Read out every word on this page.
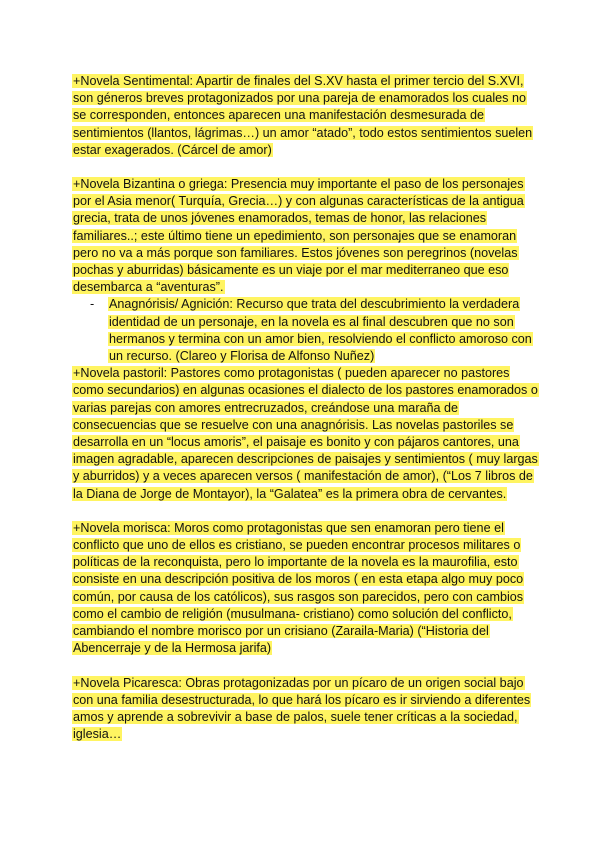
+Novela Sentimental: Apartir de finales del S.XV hasta el primer tercio del S.XVI, son géneros breves protagonizados por una pareja de enamorados los cuales no se corresponden, entonces aparecen una manifestación desmesurada de sentimientos (llantos, lágrimas…) un amor “atado”, todo estos sentimientos suelen estar exagerados. (Cárcel de amor)

+Novela Bizantina o griega: Presencia muy importante el paso de los personajes por el Asia menor( Turquía, Grecia…) y con algunas características de la antigua grecia, trata de unos jóvenes enamorados, temas de honor, las relaciones familiares..; este último tiene un epedimiento, son personajes que se enamoran pero no va a más porque son familiares. Estos jóvenes son peregrinos (novelas pochas y aburridas) básicamente es un viaje por el mar mediterraneo que eso desembarca a “aventuras”.

- Anagnórisis/ Agnición: Recurso que trata del descubrimiento la verdadera identidad de un personaje, en la novela es al final descubren que no son hermanos y termina con un amor bien, resolviendo el conflicto amoroso con un recurso. (Clareo y Florisa de Alfonso Nuñez)

+Novela pastoril: Pastores como protagonistas ( pueden aparecer no pastores como secundarios) en algunas ocasiones el dialecto de los pastores enamorados o varias parejas con amores entrecruzados, creándose una maraña de consecuencias que se resuelve con una anagnórisis. Las novelas pastoriles se desarrolla en un “locus amoris”, el paisaje es bonito y con pájaros cantores, una imagen agradable, aparecen descripciones de paisajes y sentimientos ( muy largas y aburridos) y a veces aparecen versos ( manifestación de amor), (“Los 7 libros de la Diana de Jorge de Montayor), la “Galatea” es la primera obra de cervantes.

+Novela morisca: Moros como protagonistas que sen enamoran pero tiene el conflicto que uno de ellos es cristiano, se pueden encontrar procesos militares o políticas de la reconquista, pero lo importante de la novela es la maurofilia, esto consiste en una descripción positiva de los moros ( en esta etapa algo muy poco común, por causa de los católicos), sus rasgos son parecidos, pero con cambios como el cambio de religión (musulmana- cristiano) como solución del conflicto, cambiando el nombre morisco por un crisiano (Zaraila-Maria) (“Historia del Abencerraje y de la Hermosa jarifa)

+Novela Picaresca: Obras protagonizadas por un pícaro de un origen social bajo con una familia desestructurada, lo que hará los pícaro es ir sirviendo a diferentes amos y aprende a sobrevivir a base de palos, suele tener críticas a la sociedad, iglesia…
